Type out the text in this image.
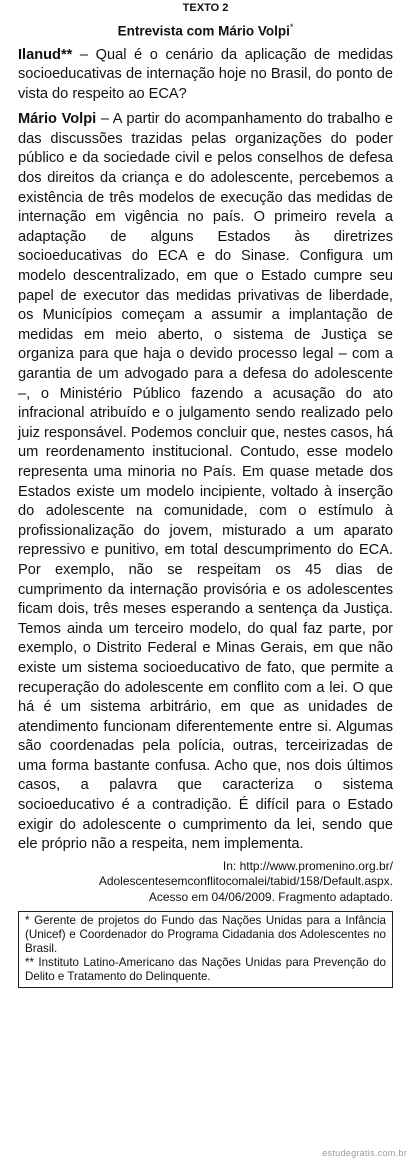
TEXTO 2
Entrevista com Mário Volpi*

Ilanud** – Qual é o cenário da aplicação de medidas socioeducativas de internação hoje no Brasil, do ponto de vista do respeito ao ECA?

Mário Volpi – A partir do acompanhamento do trabalho e das discussões trazidas pelas organizações do poder público e da sociedade civil e pelos conselhos de defesa dos direitos da criança e do adolescente, percebemos a existência de três modelos de execução das medidas de internação em vigência no país. O primeiro revela a adaptação de alguns Estados às diretrizes socioeducativas do ECA e do Sinase. Configura um modelo descentralizado, em que o Estado cumpre seu papel de executor das medidas privativas de liberdade, os Municípios começam a assumir a implantação de medidas em meio aberto, o sistema de Justiça se organiza para que haja o devido processo legal – com a garantia de um advogado para a defesa do adolescente –, o Ministério Público fazendo a acusação do ato infracional atribuído e o julgamento sendo realizado pelo juiz responsável. Podemos concluir que, nestes casos, há um reordenamento institucional. Contudo, esse modelo representa uma minoria no País. Em quase metade dos Estados existe um modelo incipiente, voltado à inserção do adolescente na comunidade, com o estímulo à profissionalização do jovem, misturado a um aparato repressivo e punitivo, em total descumprimento do ECA. Por exemplo, não se respeitam os 45 dias de cumprimento da internação provisória e os adolescentes ficam dois, três meses esperando a sentença da Justiça. Temos ainda um terceiro modelo, do qual faz parte, por exemplo, o Distrito Federal e Minas Gerais, em que não existe um sistema socioeducativo de fato, que permite a recuperação do adolescente em conflito com a lei. O que há é um sistema arbitrário, em que as unidades de atendimento funcionam diferentemente entre si. Algumas são coordenadas pela polícia, outras, terceirizadas de uma forma bastante confusa. Acho que, nos dois últimos casos, a palavra que caracteriza o sistema socioeducativo é a contradição. É difícil para o Estado exigir do adolescente o cumprimento da lei, sendo que ele próprio não a respeita, nem implementa.

In: http://www.promenino.org.br/
Adolescentesemconflitocomalei/tabid/158/Default.aspx.
Acesso em 04/06/2009. Fragmento adaptado.

* Gerente de projetos do Fundo das Nações Unidas para a Infância (Unicef) e Coordenador do Programa Cidadania dos Adolescentes no Brasil.

** Instituto Latino-Americano das Nações Unidas para Prevenção do Delito e Tratamento do Delinquente.

estudegratis.com.br
